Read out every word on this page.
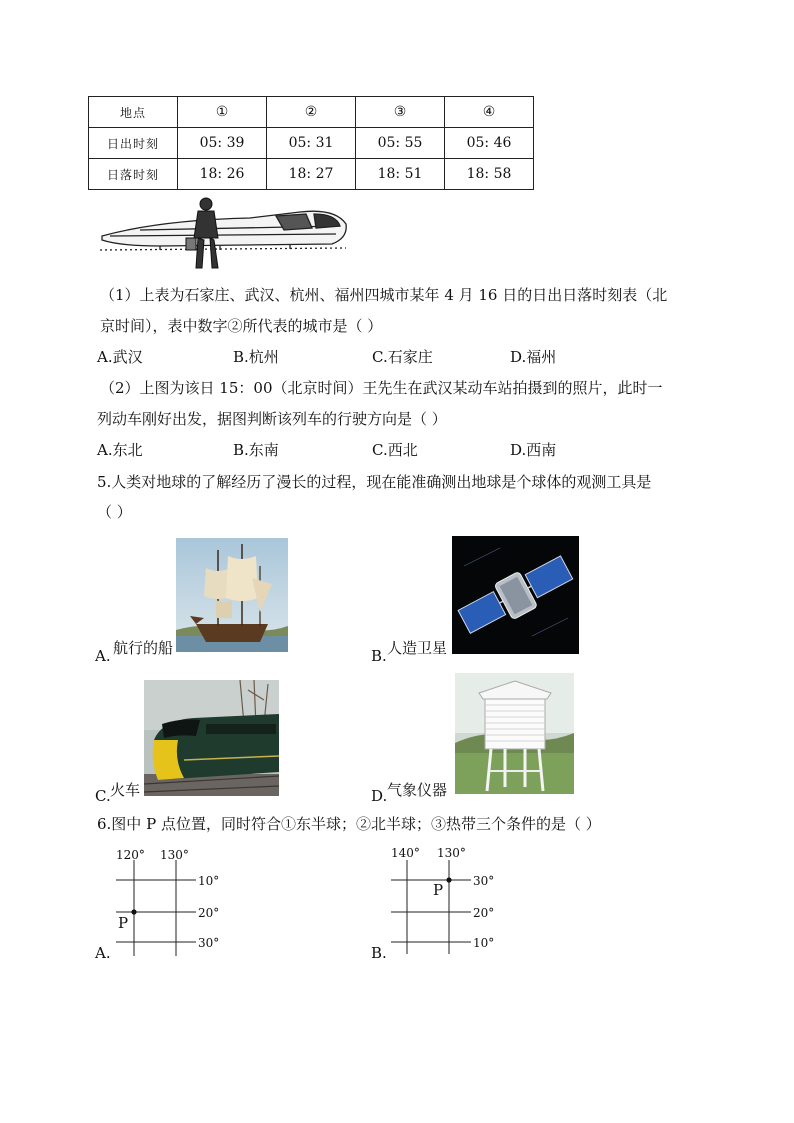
地点	①	②	③	④
日出时刻	05: 39	05: 31	05: 55	05: 46
日落时刻	18: 26	18: 27	18: 51	18: 58
（1）上表为石家庄、武汉、杭州、福州四城市某年 4 月 16 日的日出日落时刻表（北
京时间），表中数字②所代表的城市是（ ）
A.武汉	B.杭州	C.石家庄	D.福州
（2）上图为该日 15：00（北京时间）王先生在武汉某动车站拍摄到的照片，此时一
列动车刚好出发，据图判断该列车的行驶方向是（ ）
A.东北	B.东南	C.西北	D.西南
5.人类对地球的了解经历了漫长的过程，现在能准确测出地球是个球体的观测工具是
（ ）
A. 航行的船	B. 人造卫星
C. 火车	D. 气象仪器
6.图中 P 点位置，同时符合①东半球；②北半球；③热带三个条件的是（ ）
A.
120° 130°
10°
20°
30°
P
B.
140° 130°
30°
20°
10°
P
